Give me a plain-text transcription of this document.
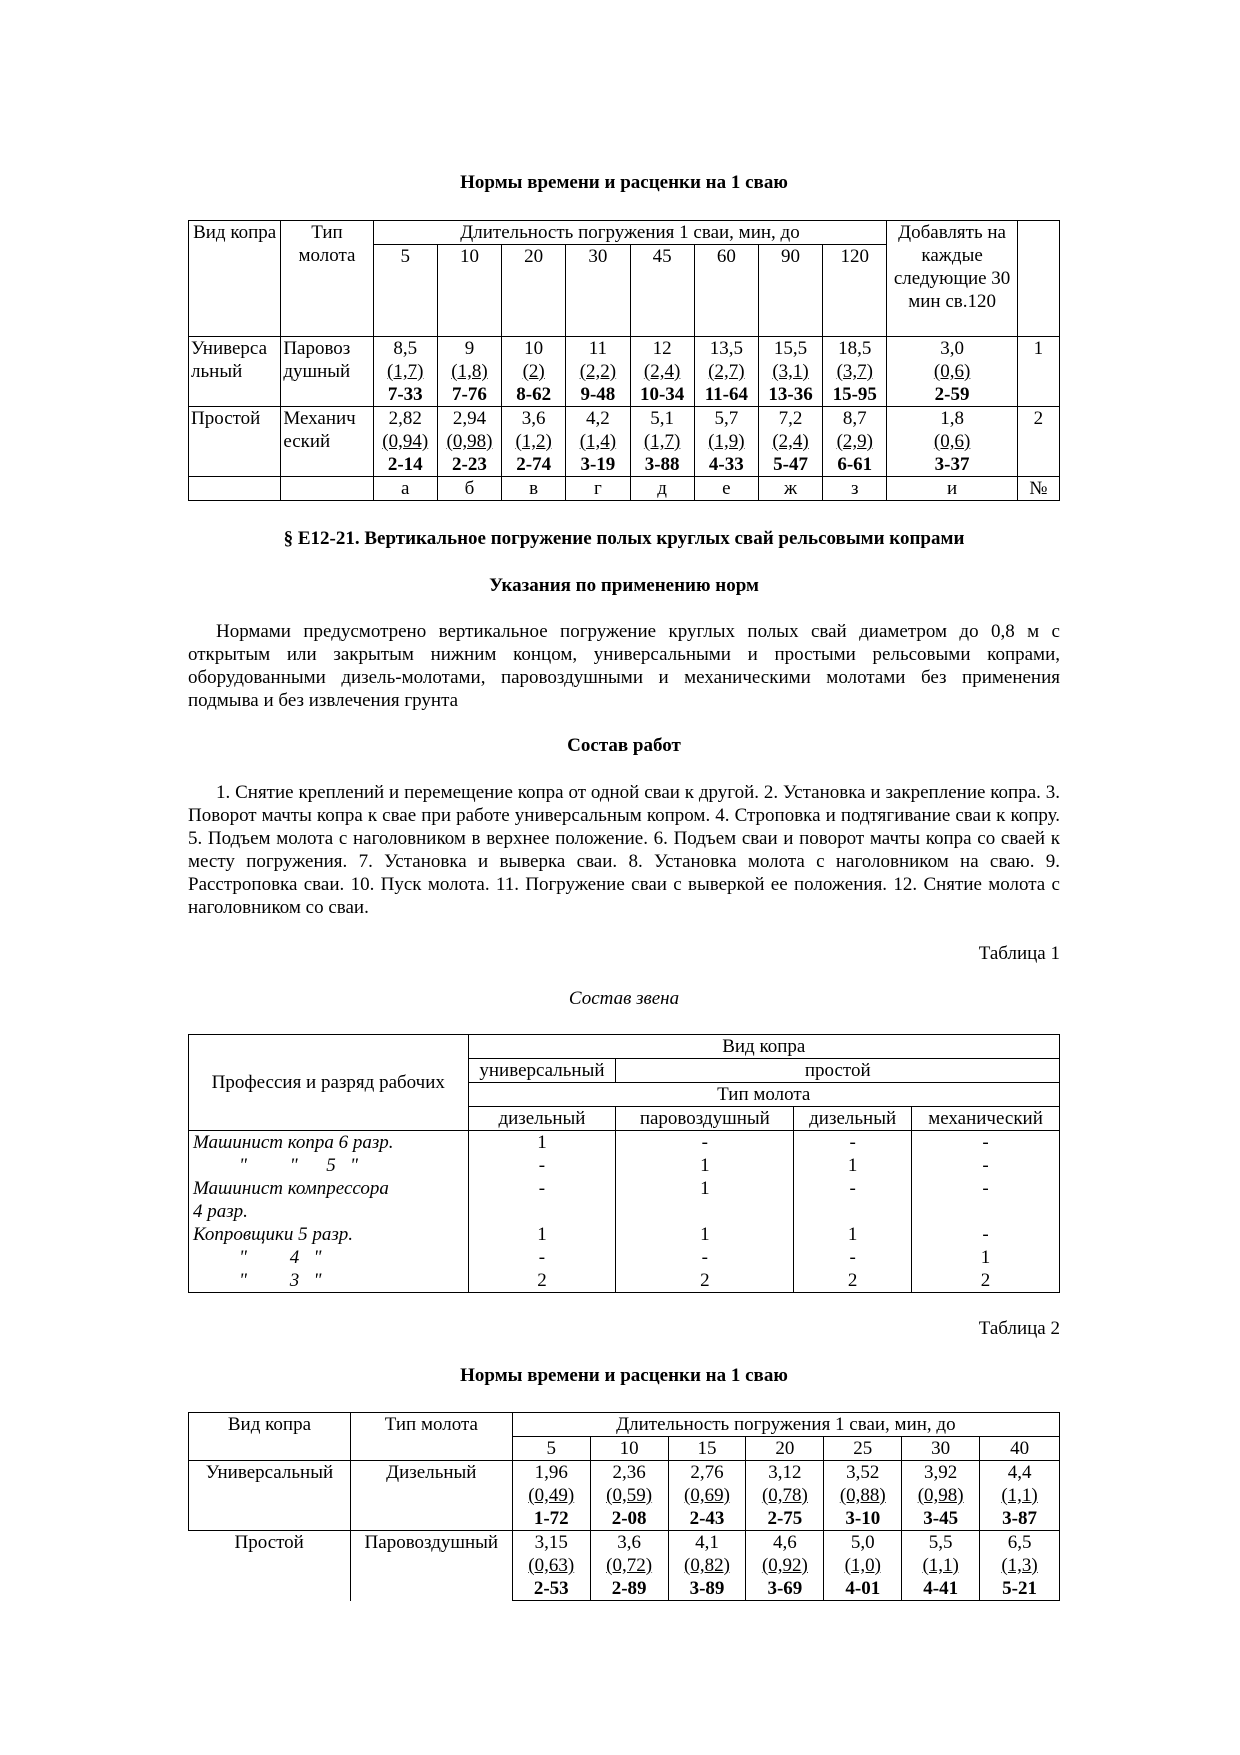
Нормы времени и расценки на 1 сваю
Вид копра	Тип молота	Длительность погружения 1 сваи, мин, до								Добавлять на каждые следующие 30 мин св.120	
		5	10	20	30	45	60	90	120		
Универса льный	Паровоз душный	8,5
(1,7)
7-33	9
(1,8)
7-76	10
(2)
8-62	11
(2,2)
9-48	12
(2,4)
10-34	13,5
(2,7)
11-64	15,5
(3,1)
13-36	18,5
(3,7)
15-95	3,0
(0,6)
2-59	1
Простой	Механич еский	2,82
(0,94)
2-14	2,94
(0,98)
2-23	3,6
(1,2)
2-74	4,2
(1,4)
3-19	5,1
(1,7)
3-88	5,7
(1,9)
4-33	7,2
(2,4)
5-47	8,7
(2,9)
6-61	1,8
(0,6)
3-37	2
		а	б	в	г	д	е	ж	з	и	№
§ Е12-21. Вертикальное погружение полых круглых свай рельсовыми копрами
Указания по применению норм
Нормами предусмотрено вертикальное погружение круглых полых свай диаметром до 0,8 м с открытым или закрытым нижним концом, универсальными и простыми рельсовыми копрами, оборудованными дизель-молотами, паровоздушными и механическими молотами без применения подмыва и без извлечения грунта
Состав работ
1. Снятие креплений и перемещение копра от одной сваи к другой. 2. Установка и закрепление копра. 3. Поворот мачты копра к свае при работе универсальным копром. 4. Строповка и подтягивание сваи к копру. 5. Подъем молота с наголовником в верхнее положение. 6. Подъем сваи и поворот мачты копра со сваей к месту погружения. 7. Установка и выверка сваи. 8. Установка молота с наголовником на сваю. 9. Расстроповка сваи. 10. Пуск молота. 11. Погружение сваи с выверкой ее положения. 12. Снятие молота с наголовником со сваи.
Таблица 1
Состав звена
Профессия и разряд рабочих	Вид копра			
	универсальный	простой		
	Тип молота			
	дизельный	паровоздушный	дизельный	механический
Машинист копра 6 разр.	1	-	-	-
"         "      5   "	-	1	1	-
Машинист компрессора	-	1	-	-
4 разр.				
Копровщики 5 разр.	1	1	1	-
"         4   "	-	-	-	1
"         3   "	2	2	2	2
Таблица 2
Нормы времени и расценки на 1 сваю
Вид копра	Тип молота	Длительность погружения 1 сваи, мин, до						
		5	10	15	20	25	30	40
Универсальный	Дизельный	1,96
(0,49)
1-72	2,36
(0,59)
2-08	2,76
(0,69)
2-43	3,12
(0,78)
2-75	3,52
(0,88)
3-10	3,92
(0,98)
3-45	4,4
(1,1)
3-87

Простой	Паровоздушный	3,15
(0,63)
2-53	3,6
(0,72)
2-89	4,1
(0,82)
3-89	4,6
(0,92)
3-69	5,0
(1,0)
4-01	5,5
(1,1)
4-41	6,5
(1,3)
5-21
